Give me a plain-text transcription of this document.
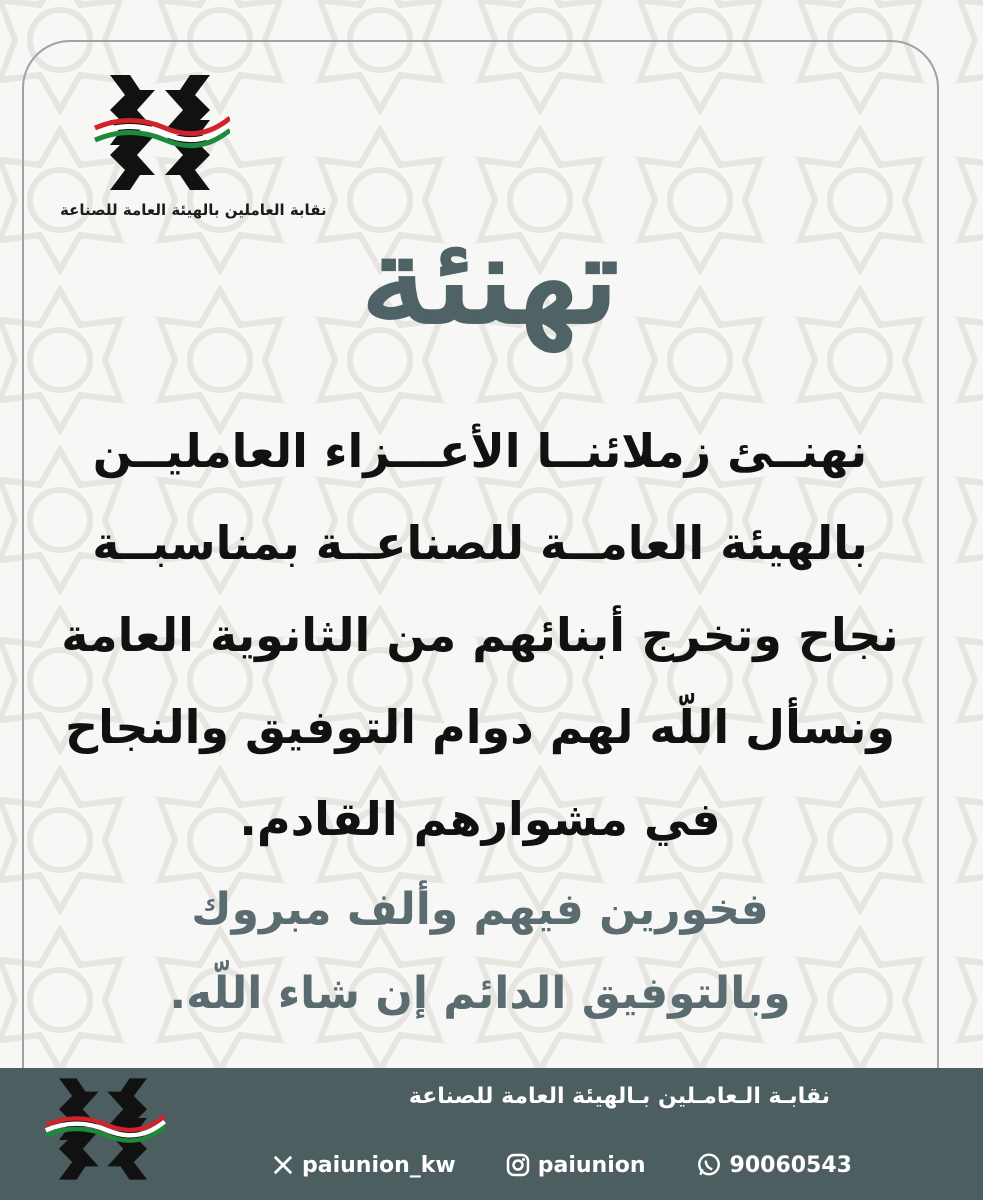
نقابة العاملين بالهيئة العامة للصناعة تهنئة
نهنــئ زملائنــا الأعـــزاء العامليــن
بالهيئة العامــة للصناعــة بمناسبــة
نجاح وتخرج أبنائهم من الثانوية العامة
ونسأل اللّه لهم دوام التوفيق والنجاح
في مشوارهم القادم.
فخورين فيهم وألف مبروك
وبالتوفيق الدائم إن شاء اللّه.
نقابـة الـعامـلين بـالهيئة العامة للصناعة
paiunion_kw	paiunion	90060543
